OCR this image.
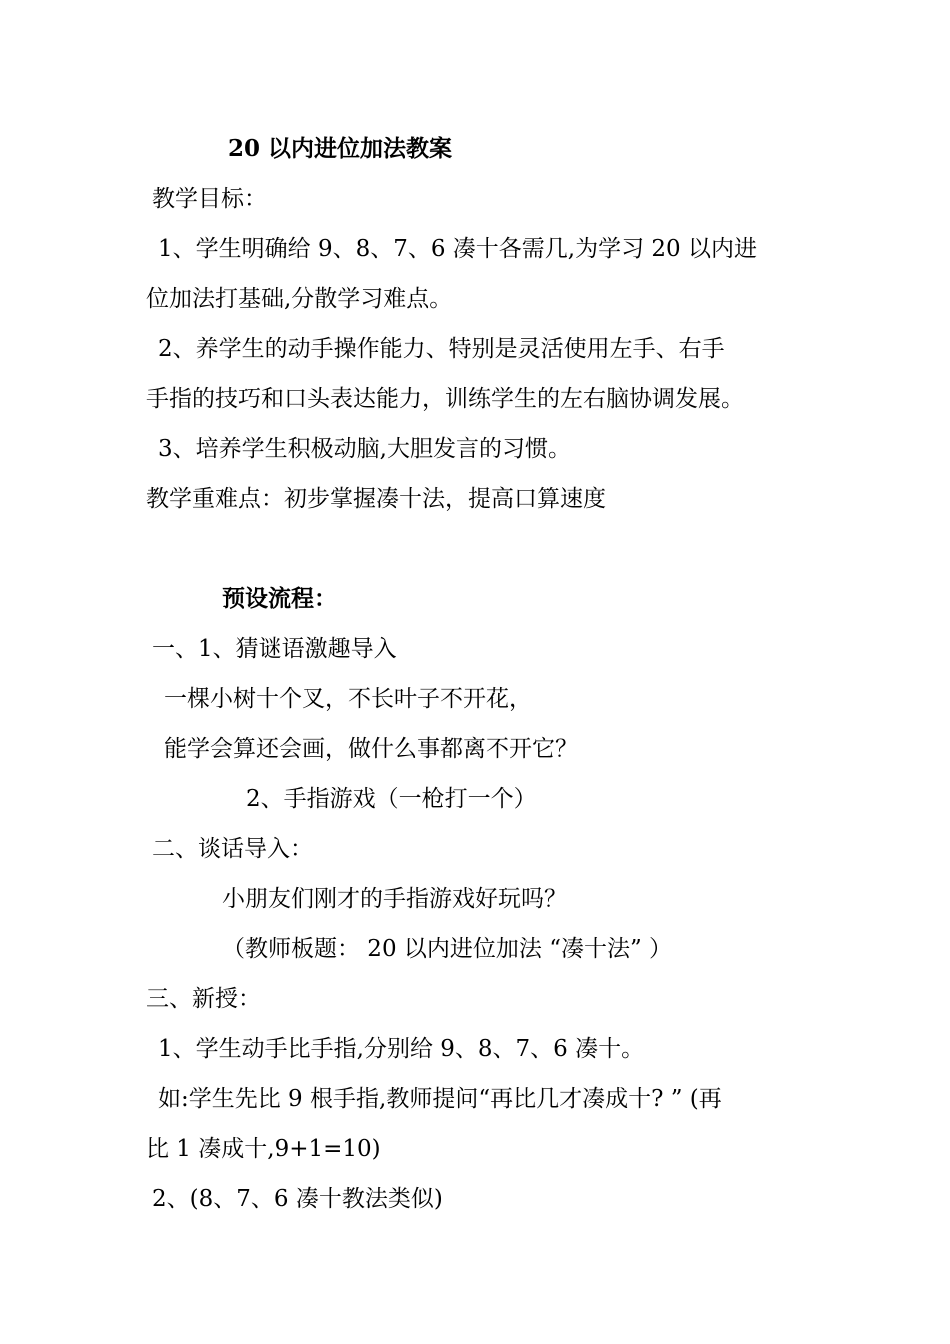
20 以内进位加法教案
教学目标：
1、学生明确给 9、8、7、6 凑十各需几,为学习 20 以内进
位加法打基础,分散学习难点。
2、养学生的动手操作能力、特别是灵活使用左手、右手
手指的技巧和口头表达能力，训练学生的左右脑协调发展。
3、培养学生积极动脑,大胆发言的习惯。
教学重难点：初步掌握凑十法，提高口算速度
预设流程：
一、1、猜谜语激趣导入
一棵小树十个叉，不长叶子不开花，
能学会算还会画，做什么事都离不开它？
2、手指游戏（一枪打一个）
二、谈话导入：
小朋友们刚才的手指游戏好玩吗？
（教师板题： 20 以内进位加法 “凑十法” ）
三、新授：
1、学生动手比手指,分别给 9、8、7、6 凑十。
如:学生先比 9 根手指,教师提问“再比几才凑成十? ” (再
比 1 凑成十,9+1=10)
2、(8、7、6 凑十教法类似)
